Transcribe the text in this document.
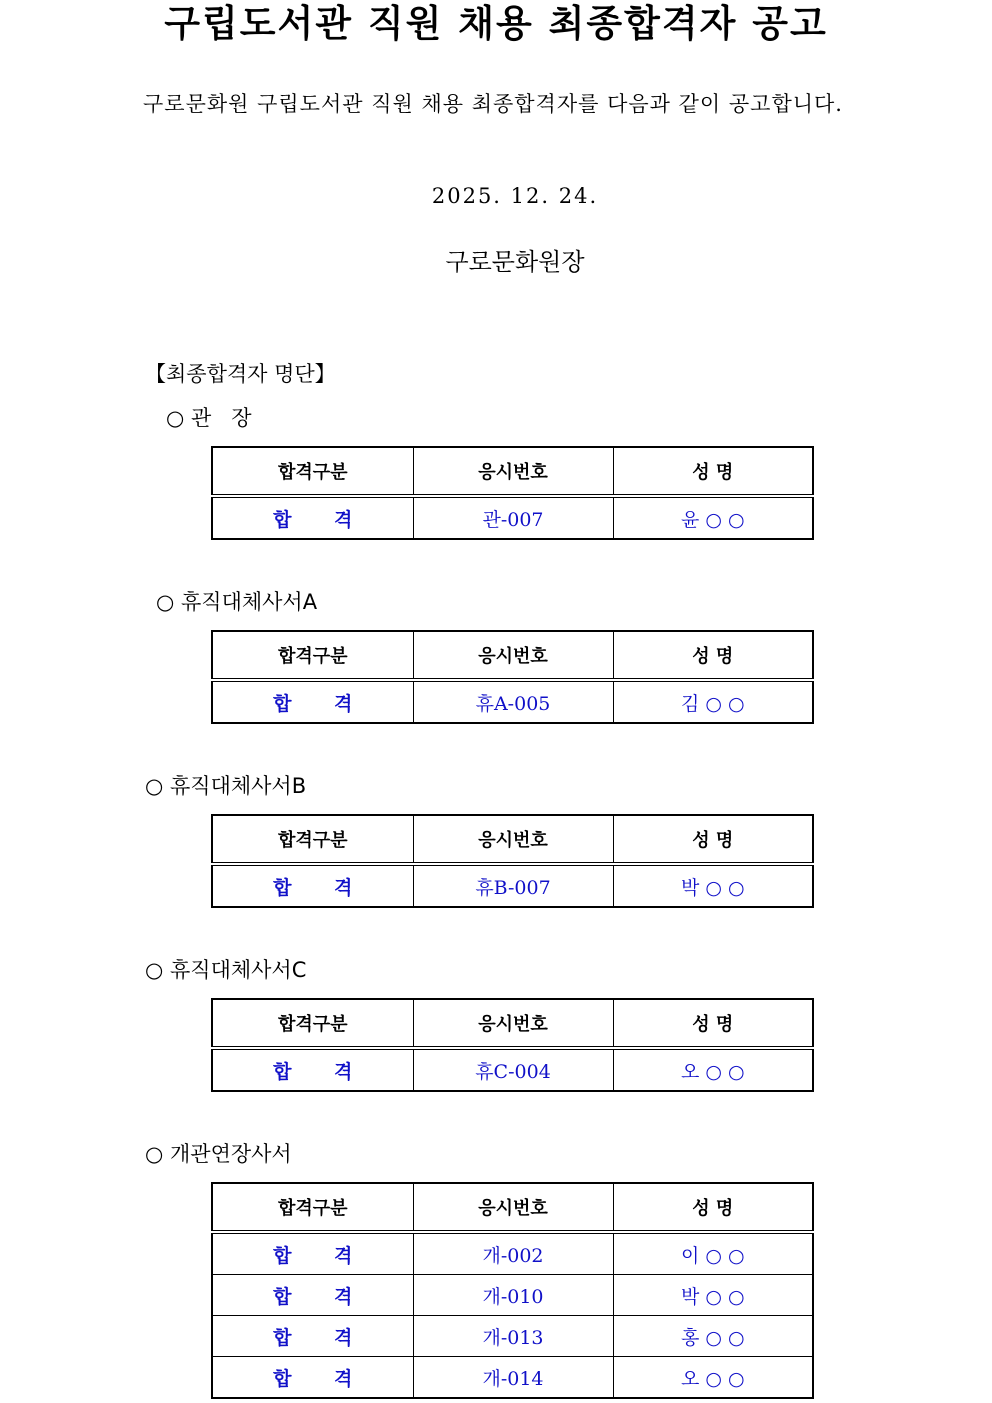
구립도서관 직원 채용 최종합격자 공고
구로문화원 구립도서관 직원 채용 최종합격자를 다음과 같이 공고합니다.
2025. 12. 24.
구로문화원장
【최종합격자 명단】
○ 관   장
합격구분	응시번호	성 명
합 격	관-007	윤 ○ ○
○ 휴직대체사서A
합격구분	응시번호	성 명
합 격	휴A-005	김 ○ ○
○ 휴직대체사서B
합격구분	응시번호	성 명
합 격	휴B-007	박 ○ ○
○ 휴직대체사서C
합격구분	응시번호	성 명
합 격	휴C-004	오 ○ ○
○ 개관연장사서
합격구분	응시번호	성 명
합 격	개-002	이 ○ ○
합 격	개-010	박 ○ ○
합 격	개-013	홍 ○ ○
합 격	개-014	오 ○ ○
